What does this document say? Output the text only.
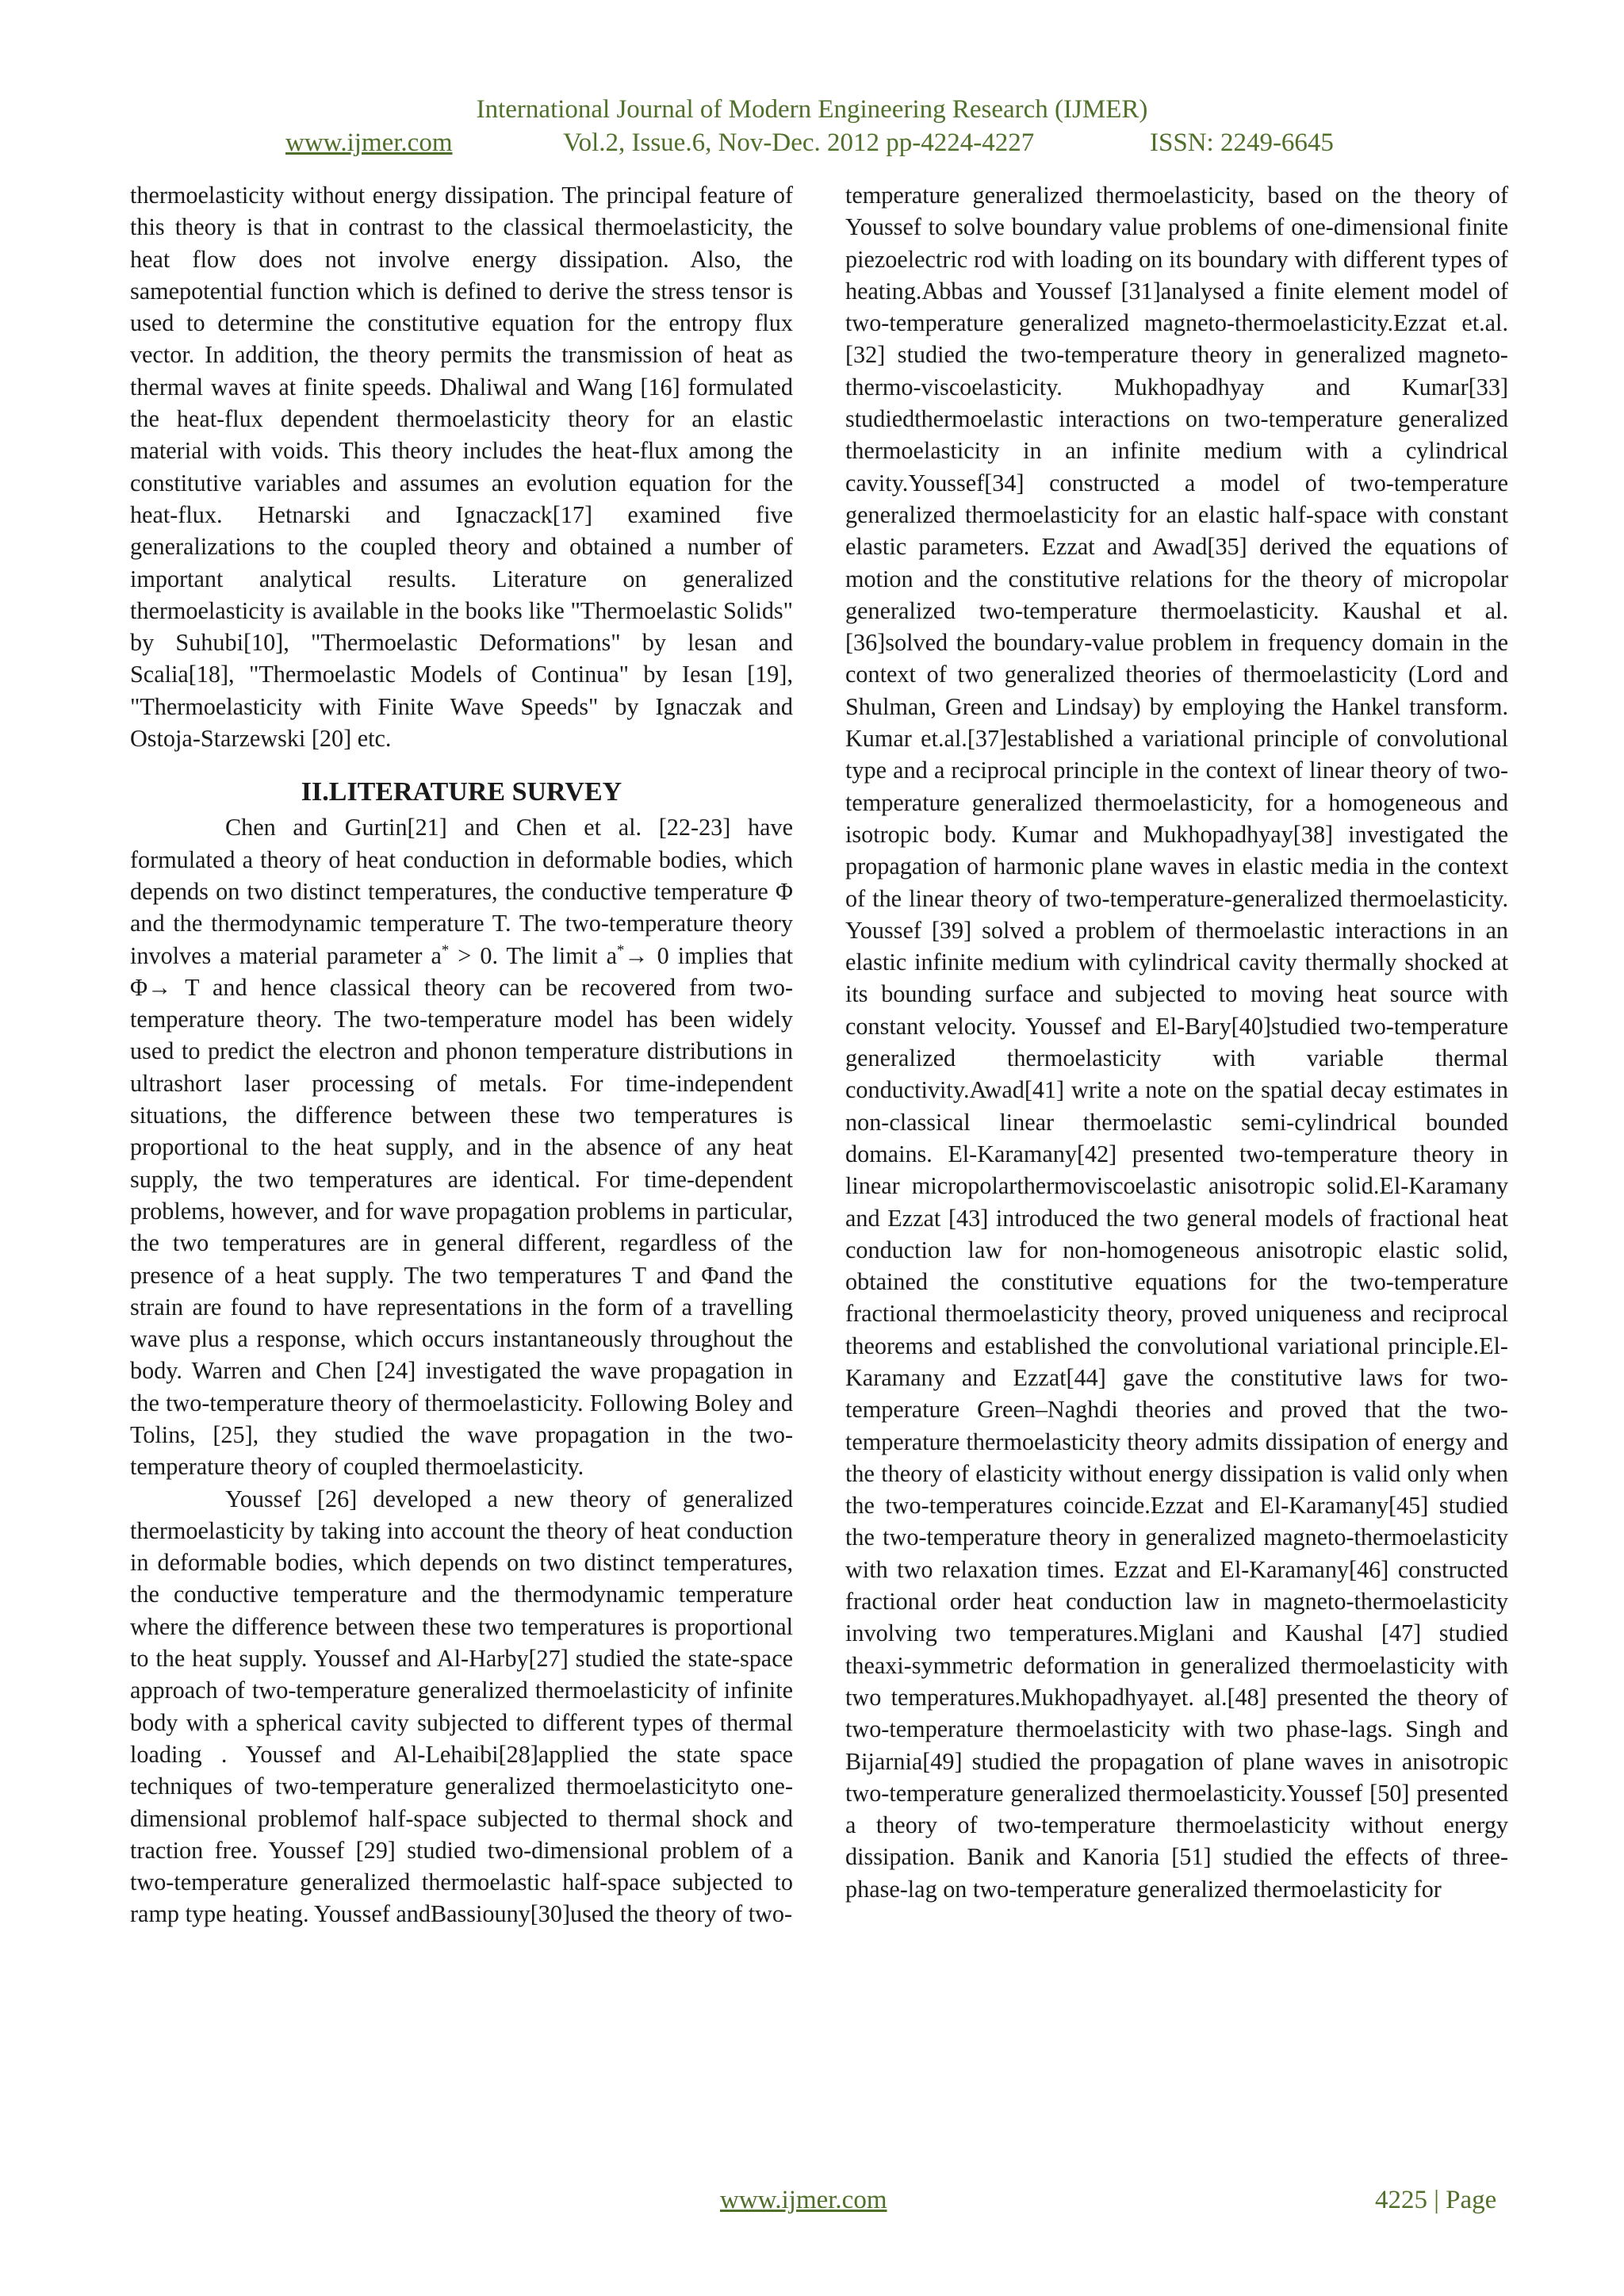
International Journal of Modern Engineering Research (IJMER)
www.ijmer.com	Vol.2, Issue.6, Nov-Dec. 2012 pp-4224-4227	ISSN: 2249-6645

thermoelasticity without energy dissipation. The principal feature of this theory is that in contrast to the classical thermoelasticity, the heat flow does not involve energy dissipation. Also, the samepotential function which is defined to derive the stress tensor is used to determine the constitutive equation for the entropy flux vector. In addition, the theory permits the transmission of heat as thermal waves at finite speeds. Dhaliwal and Wang [16] formulated the heat-flux dependent thermoelasticity theory for an elastic material with voids. This theory includes the heat-flux among the constitutive variables and assumes an evolution equation for the heat-flux. Hetnarski and Ignaczack[17] examined five generalizations to the coupled theory and obtained a number of important analytical results. Literature on generalized thermoelasticity is available in the books like "Thermoelastic Solids" by Suhubi[10], "Thermoelastic Deformations" by lesan and Scalia[18], "Thermoelastic Models of Continua" by Iesan [19], "Thermoelasticity with Finite Wave Speeds" by Ignaczak and Ostoja-Starzewski [20] etc.

II.LITERATURE SURVEY

Chen and Gurtin[21] and Chen et al. [22-23] have formulated a theory of heat conduction in deformable bodies, which depends on two distinct temperatures, the conductive temperature Φ and the thermodynamic temperature T. The two-temperature theory involves a material parameter a* > 0. The limit a*→ 0 implies that Φ→ T and hence classical theory can be recovered from two-temperature theory. The two-temperature model has been widely used to predict the electron and phonon temperature distributions in ultrashort laser processing of metals. For time-independent situations, the difference between these two temperatures is proportional to the heat supply, and in the absence of any heat supply, the two temperatures are identical. For time-dependent problems, however, and for wave propagation problems in particular, the two temperatures are in general different, regardless of the presence of a heat supply. The two temperatures T and Φand the strain are found to have representations in the form of a travelling wave plus a response, which occurs instantaneously throughout the body. Warren and Chen [24] investigated the wave propagation in the two-temperature theory of thermoelasticity. Following Boley and Tolins, [25], they studied the wave propagation in the two-temperature theory of coupled thermoelasticity.

Youssef [26] developed a new theory of generalized thermoelasticity by taking into account the theory of heat conduction in deformable bodies, which depends on two distinct temperatures, the conductive temperature and the thermodynamic temperature where the difference between these two temperatures is proportional to the heat supply. Youssef and Al-Harby[27] studied the state-space approach of two-temperature generalized thermoelasticity of infinite body with a spherical cavity subjected to different types of thermal loading . Youssef and Al-Lehaibi[28]applied the state space techniques of two-temperature generalized thermoelasticityto one-dimensional problemof half-space subjected to thermal shock and traction free. Youssef [29] studied two-dimensional problem of a two-temperature generalized thermoelastic half-space subjected to ramp type heating. Youssef andBassiouny[30]used the theory of two-

temperature generalized thermoelasticity, based on the theory of Youssef to solve boundary value problems of one-dimensional finite piezoelectric rod with loading on its boundary with different types of heating.Abbas and Youssef [31]analysed a finite element model of two-temperature generalized magneto-thermoelasticity.Ezzat et.al.[32] studied the two-temperature theory in generalized magneto-thermo-viscoelasticity. Mukhopadhyay and Kumar[33] studiedthermoelastic interactions on two-temperature generalized thermoelasticity in an infinite medium with a cylindrical cavity.Youssef[34] constructed a model of two-temperature generalized thermoelasticity for an elastic half-space with constant elastic parameters. Ezzat and Awad[35] derived the equations of motion and the constitutive relations for the theory of micropolar generalized two-temperature thermoelasticity. Kaushal et al. [36]solved the boundary-value problem in frequency domain in the context of two generalized theories of thermoelasticity (Lord and Shulman, Green and Lindsay) by employing the Hankel transform. Kumar et.al.[37]established a variational principle of convolutional type and a reciprocal principle in the context of linear theory of two-temperature generalized thermoelasticity, for a homogeneous and isotropic body. Kumar and Mukhopadhyay[38] investigated the propagation of harmonic plane waves in elastic media in the context of the linear theory of two-temperature-generalized thermoelasticity. Youssef [39] solved a problem of thermoelastic interactions in an elastic infinite medium with cylindrical cavity thermally shocked at its bounding surface and subjected to moving heat source with constant velocity. Youssef and El-Bary[40]studied two-temperature generalized thermoelasticity with variable thermal conductivity.Awad[41] write a note on the spatial decay estimates in non-classical linear thermoelastic semi-cylindrical bounded domains. El-Karamany[42] presented two-temperature theory in linear micropolarthermoviscoelastic anisotropic solid.El-Karamany and Ezzat [43] introduced the two general models of fractional heat conduction law for non-homogeneous anisotropic elastic solid, obtained the constitutive equations for the two-temperature fractional thermoelasticity theory, proved uniqueness and reciprocal theorems and established the convolutional variational principle.El-Karamany and Ezzat[44] gave the constitutive laws for two-temperature Green–Naghdi theories and proved that the two-temperature thermoelasticity theory admits dissipation of energy and the theory of elasticity without energy dissipation is valid only when the two-temperatures coincide.Ezzat and El-Karamany[45] studied the two-temperature theory in generalized magneto-thermoelasticity with two relaxation times. Ezzat and El-Karamany[46] constructed fractional order heat conduction law in magneto-thermoelasticity involving two temperatures.Miglani and Kaushal [47] studied theaxi-symmetric deformation in generalized thermoelasticity with two temperatures.Mukhopadhyayet. al.[48] presented the theory of two-temperature thermoelasticity with two phase-lags. Singh and Bijarnia[49] studied the propagation of plane waves in anisotropic two-temperature generalized thermoelasticity.Youssef [50] presented a theory of two-temperature thermoelasticity without energy dissipation. Banik and Kanoria [51] studied the effects of three-phase-lag on two-temperature generalized thermoelasticity for

www.ijmer.com	4225 | Page
